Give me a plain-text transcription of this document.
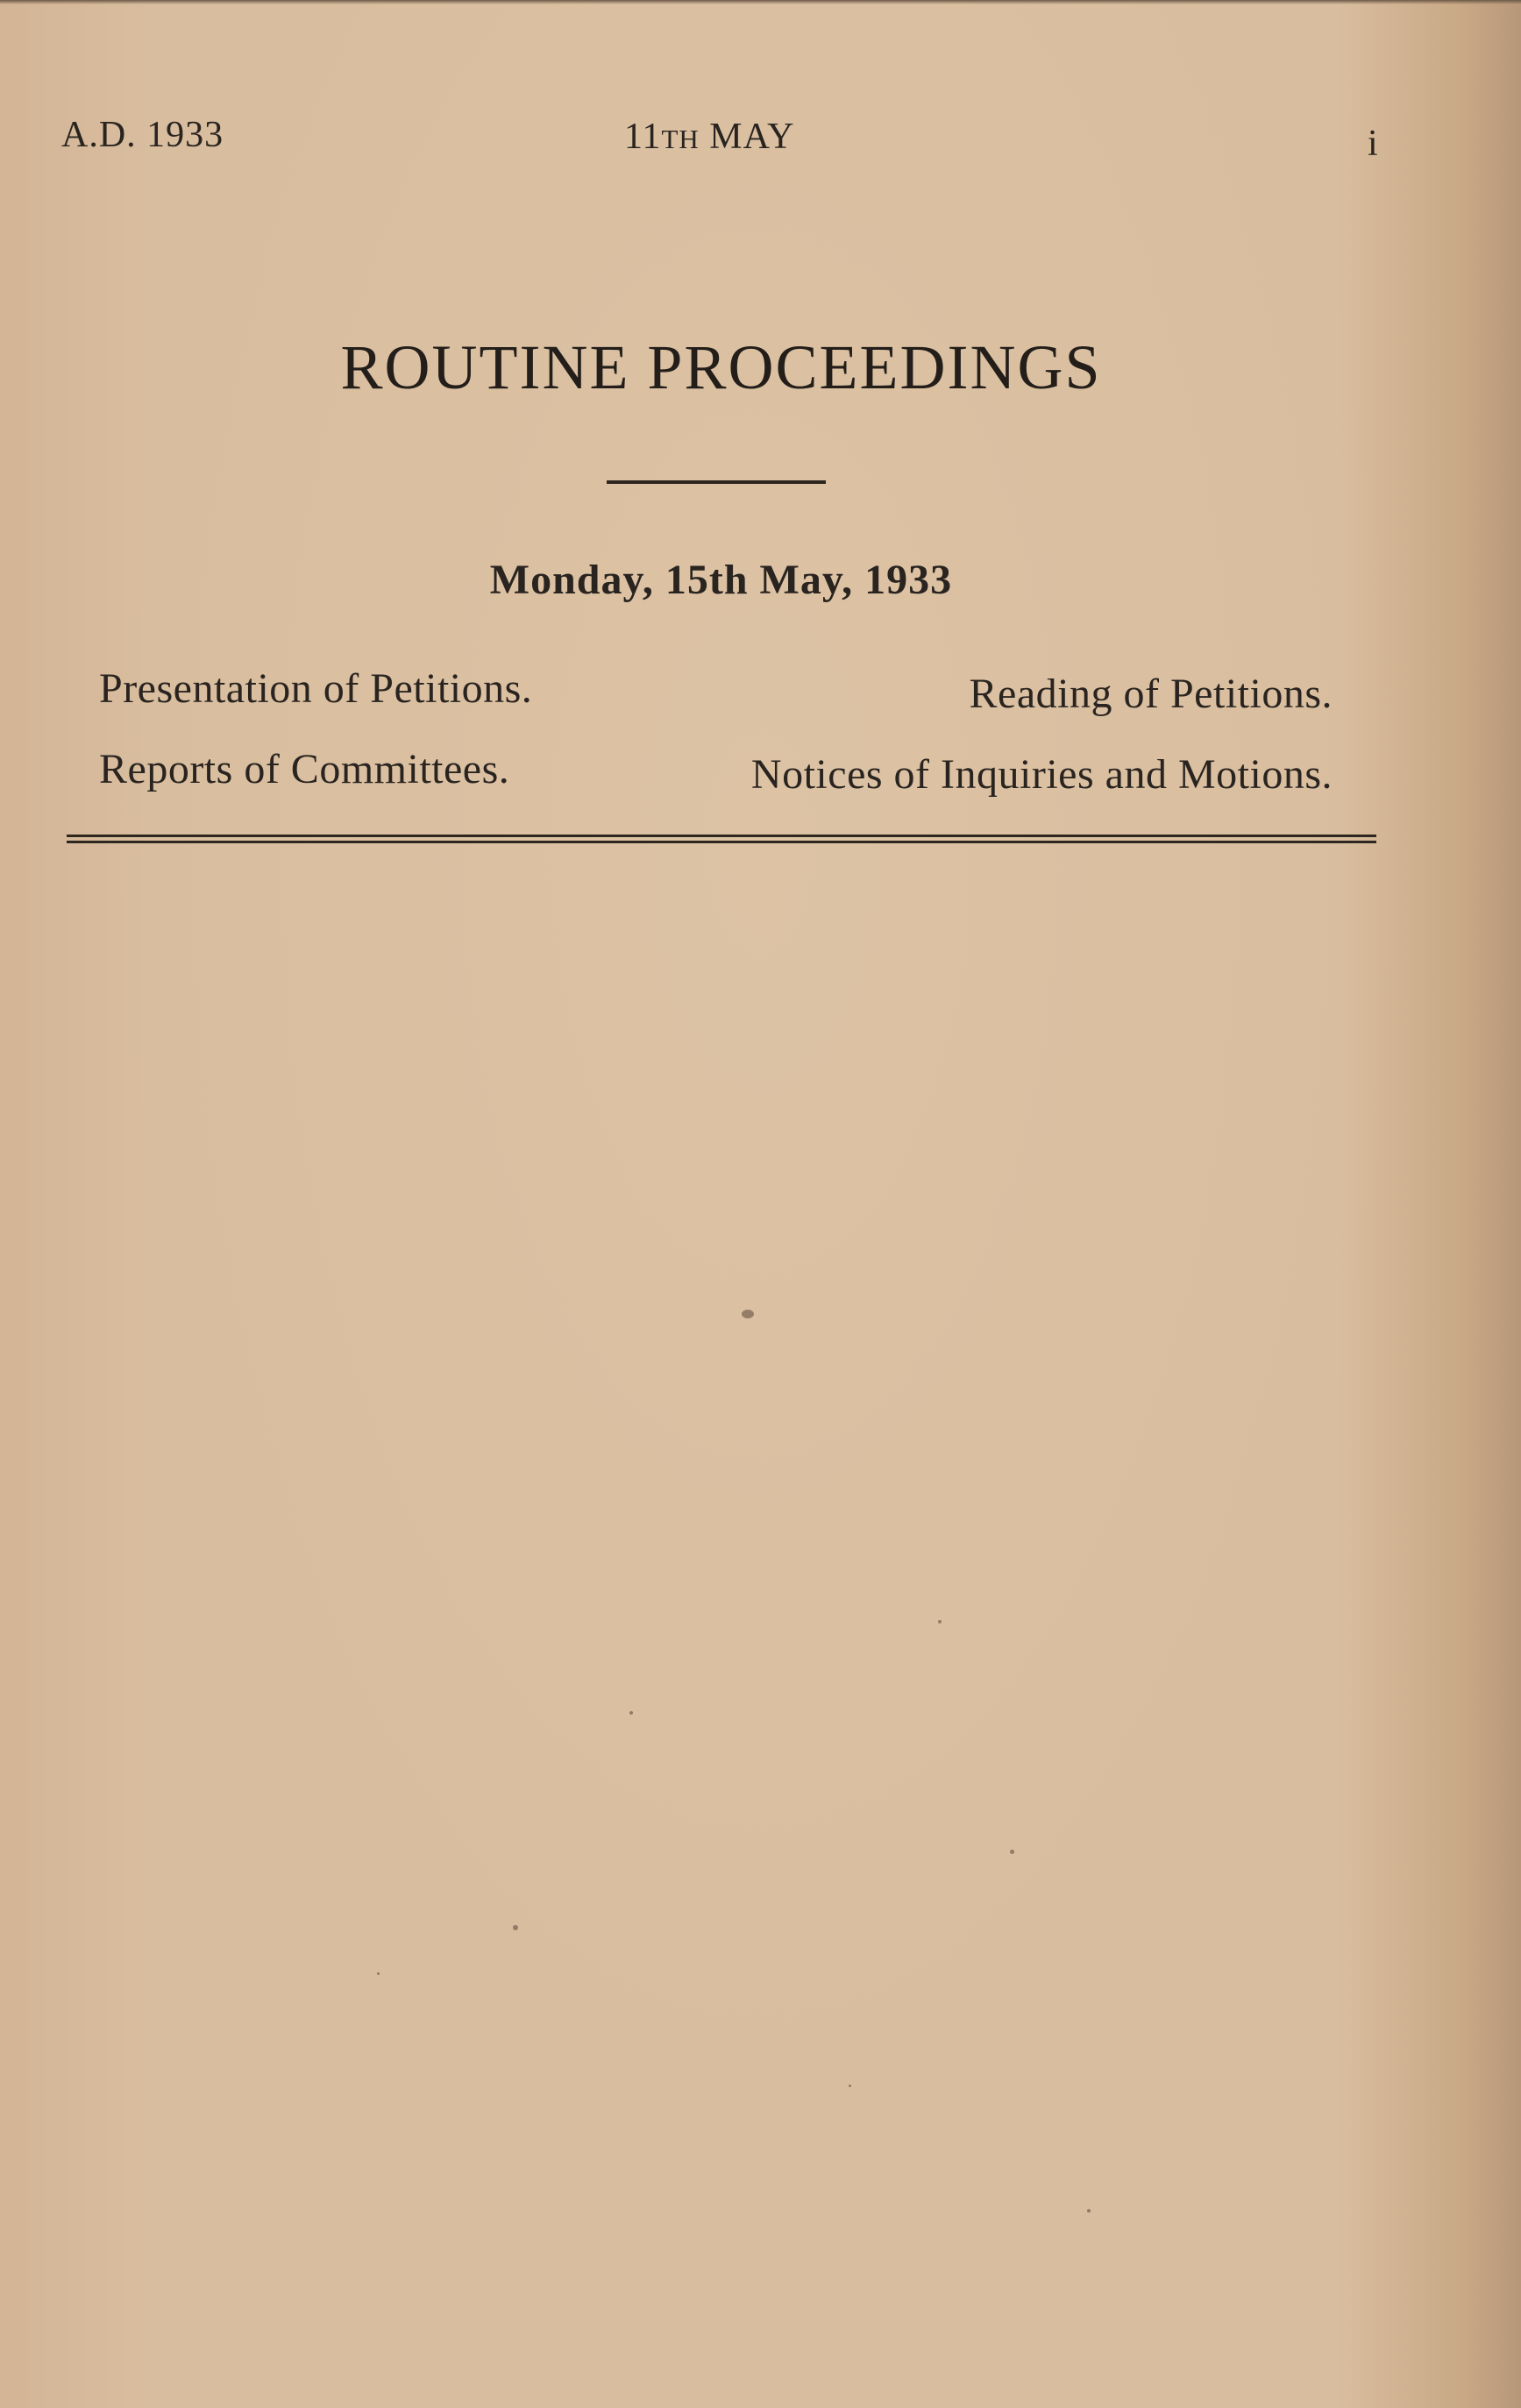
A.D. 1933	11TH MAY	i
ROUTINE PROCEEDINGS
Monday, 15th May, 1933
Presentation of Petitions.	Reading of Petitions.
Reports of Committees.	Notices of Inquiries and Motions.
